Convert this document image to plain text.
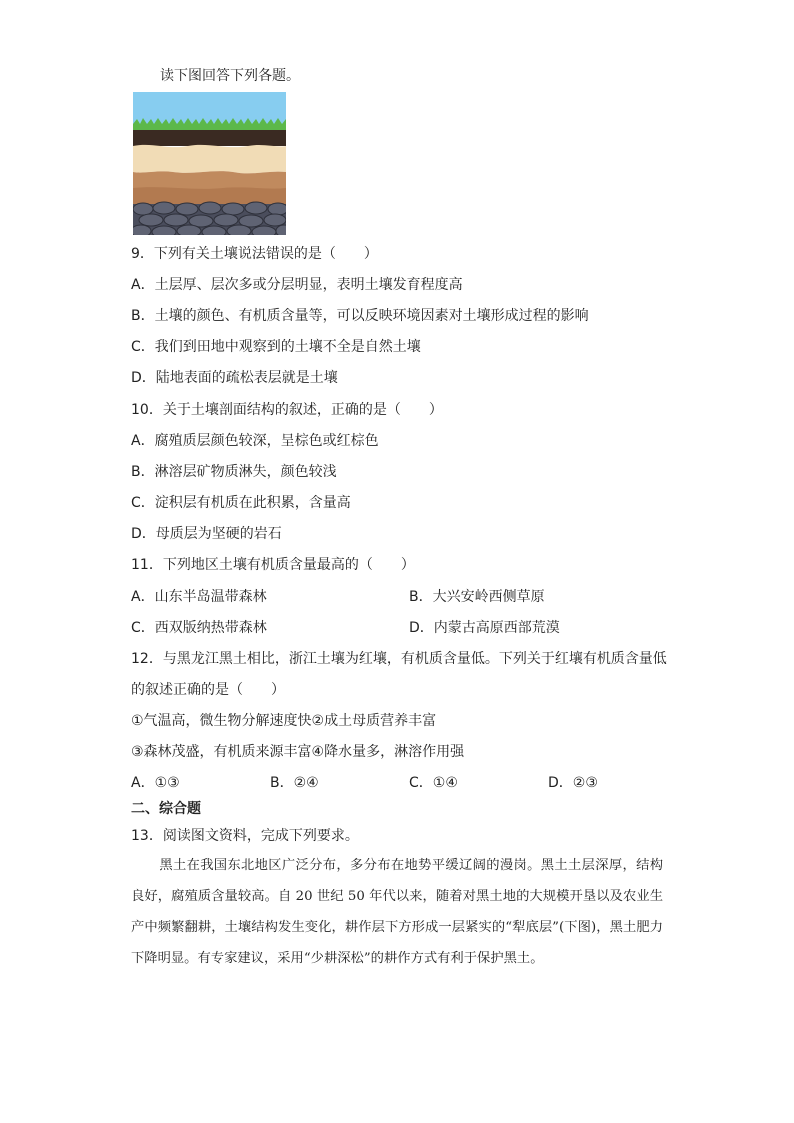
读下图回答下列各题。
9．下列有关土壤说法错误的是（　　）
A．土层厚、层次多或分层明显，表明土壤发育程度高
B．土壤的颜色、有机质含量等，可以反映环境因素对土壤形成过程的影响
C．我们到田地中观察到的土壤不全是自然土壤
D．陆地表面的疏松表层就是土壤
10．关于土壤剖面结构的叙述，正确的是（　　）
A．腐殖质层颜色较深，呈棕色或红棕色
B．淋溶层矿物质淋失，颜色较浅
C．淀积层有机质在此积累，含量高
D．母质层为坚硬的岩石
11．下列地区土壤有机质含量最高的（　　）
A．山东半岛温带森林	B．大兴安岭西侧草原
C．西双版纳热带森林	D．内蒙古高原西部荒漠
12．与黑龙江黑土相比，浙江土壤为红壤，有机质含量低。下列关于红壤有机质含量低
的叙述正确的是（　　）
①气温高，微生物分解速度快②成土母质营养丰富
③森林茂盛，有机质来源丰富④降水量多，淋溶作用强
A．①③	B．②④	C．①④	D．②③
二、综合题
13．阅读图文资料，完成下列要求。
黑土在我国东北地区广泛分布，多分布在地势平缓辽阔的漫岗。黑土土层深厚，结构良好，腐殖质含量较高。自 20 世纪 50 年代以来，随着对黑土地的大规模开垦以及农业生产中频繁翻耕，土壤结构发生变化，耕作层下方形成一层紧实的“犁底层”(下图)，黑土肥力下降明显。有专家建议，采用“少耕深松”的耕作方式有利于保护黑土。
